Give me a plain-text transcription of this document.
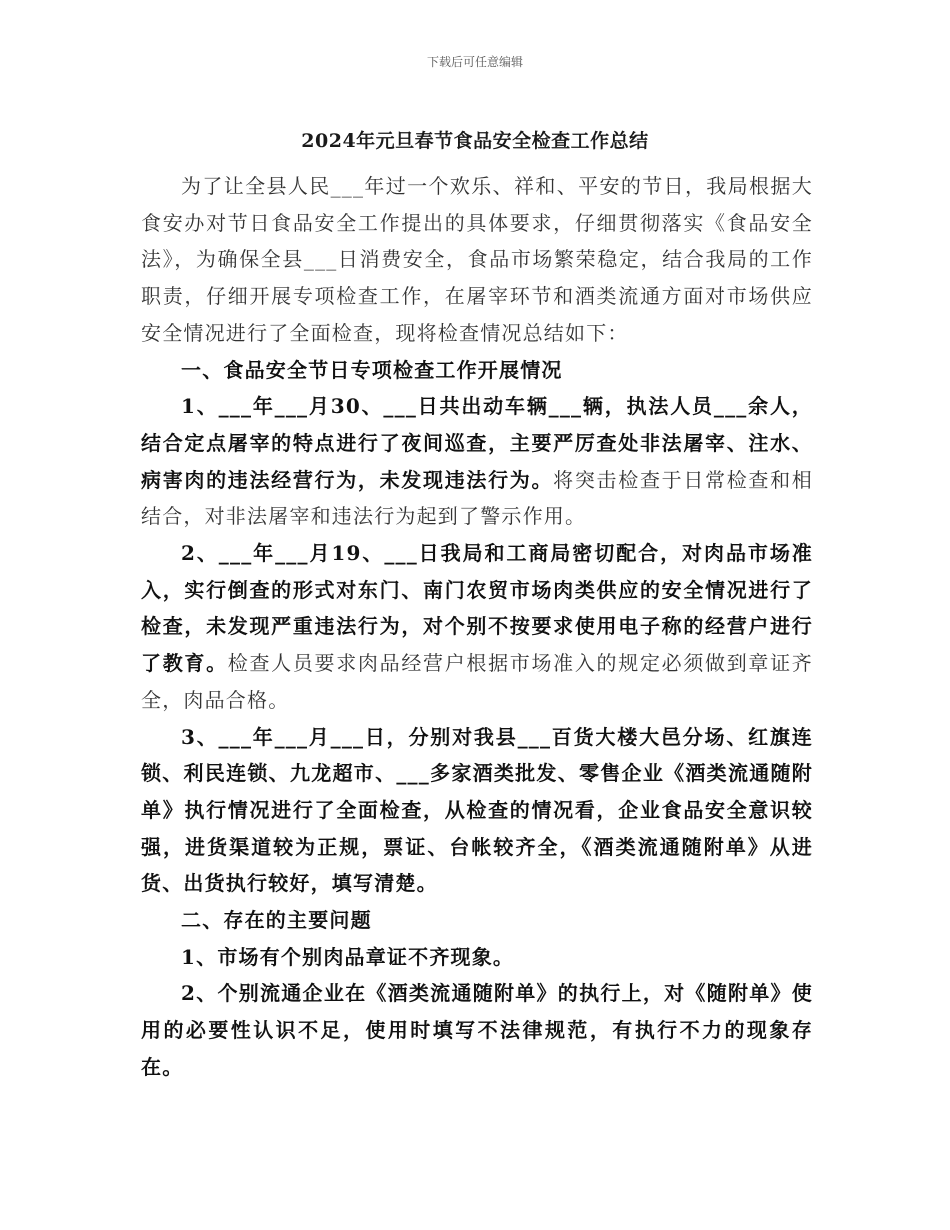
下载后可任意编辑
2024年元旦春节食品安全检查工作总结

为了让全县人民___年过一个欢乐、祥和、平安的节日，我局根据大食安办对节日食品安全工作提出的具体要求，仔细贯彻落实《食品安全法》，为确保全县___日消费安全，食品市场繁荣稳定，结合我局的工作职责，仔细开展专项检查工作，在屠宰环节和酒类流通方面对市场供应安全情况进行了全面检查，现将检查情况总结如下：

一、食品安全节日专项检查工作开展情况

1、___年___月30、___日共出动车辆___辆，执法人员___余人，结合定点屠宰的特点进行了夜间巡查，主要严厉查处非法屠宰、注水、病害肉的违法经营行为，未发现违法行为。将突击检查于日常检查和相结合，对非法屠宰和违法行为起到了警示作用。

2、___年___月19、___日我局和工商局密切配合，对肉品市场准入，实行倒查的形式对东门、南门农贸市场肉类供应的安全情况进行了检查，未发现严重违法行为，对个别不按要求使用电子称的经营户进行了教育。检查人员要求肉品经营户根据市场准入的规定必须做到章证齐全，肉品合格。

3、___年___月___日，分别对我县___百货大楼大邑分场、红旗连锁、利民连锁、九龙超市、___多家酒类批发、零售企业《酒类流通随附单》执行情况进行了全面检查，从检查的情况看，企业食品安全意识较强，进货渠道较为正规，票证、台帐较齐全，《酒类流通随附单》从进货、出货执行较好，填写清楚。

二、存在的主要问题

1、市场有个别肉品章证不齐现象。

2、个别流通企业在《酒类流通随附单》的执行上，对《随附单》使用的必要性认识不足，使用时填写不法律规范，有执行不力的现象存在。
